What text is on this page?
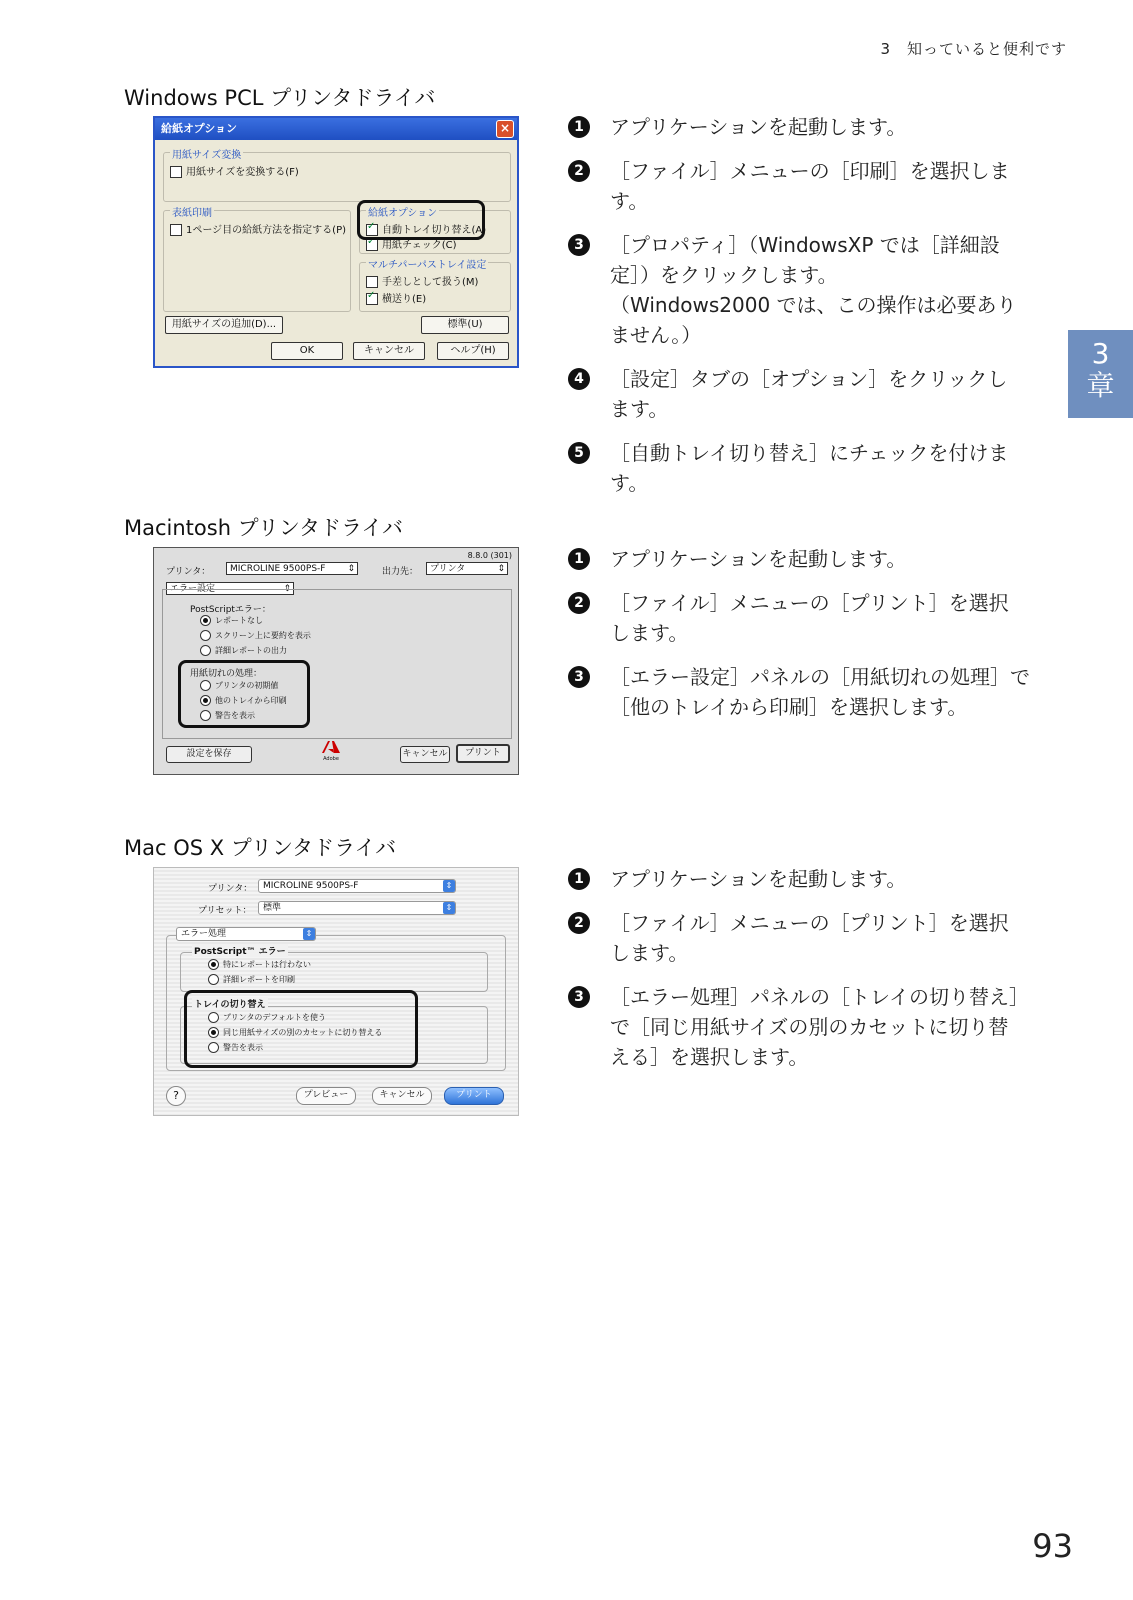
3　知っていると便利です
3
章
Windows PCL プリンタドライバ
Macintosh プリンタドライバ
Mac OS X プリンタドライバ
1	アプリケーションを起動します。
2	［ファイル］メニューの［印刷］を選択します。
3	［プロパティ］（WindowsXP では［詳細設
定］）をクリックします。
（Windows2000 では、この操作は必要あり
ません。）
4	［設定］タブの［オプション］をクリックし
ます。
5	［自動トレイ切り替え］にチェックを付けま
す。
1	アプリケーションを起動します。
2	［ファイル］メニューの［プリント］を選択
します。
3	［エラー設定］パネルの［用紙切れの処理］で
［他のトレイから印刷］を選択します。
1	アプリケーションを起動します。
2	［ファイル］メニューの［プリント］を選択
します。
3	［エラー処理］パネルの［トレイの切り替え］
で［同じ用紙サイズの別のカセットに切り替
える］を選択します。
給紙オプション	×
用紙サイズ変換
用紙サイズを変換する(F)
表紙印刷
1ページ目の給紙方法を指定する(P)
給紙オプション
✓自動トレイ切り替え(A)
✓用紙チェック(C)
マルチパーパストレイ設定
手差しとして扱う(M)
✓横送り(E)
用紙サイズの追加(D)...	標準(U)
OK	キャンセル	ヘルプ(H)
8.8.0 (301)
プリンタ：	MICROLINE 9500PS-F ⇕	出力先：	プリンタ	⇕
エラー設定	⇕
PostScriptエラー：
レポートなし
スクリーン上に要約を表示
詳細レポートの出力
用紙切れの処理：
プリンタの初期値
他のトレイから印刷
警告を表示
設定を保存	Adobe	キャンセル	プリント
プリンタ：	MICROLINE 9500PS-F	⇕
プリセット：	標準	⇕
エラー処理	⇕
PostScript™ エラー
特にレポートは行わない
詳細レポートを印刷
トレイの切り替え
プリンタのデフォルトを使う
同じ用紙サイズの別のカセットに切り替える
警告を表示
?	プレビュー	キャンセル	プリント
93
